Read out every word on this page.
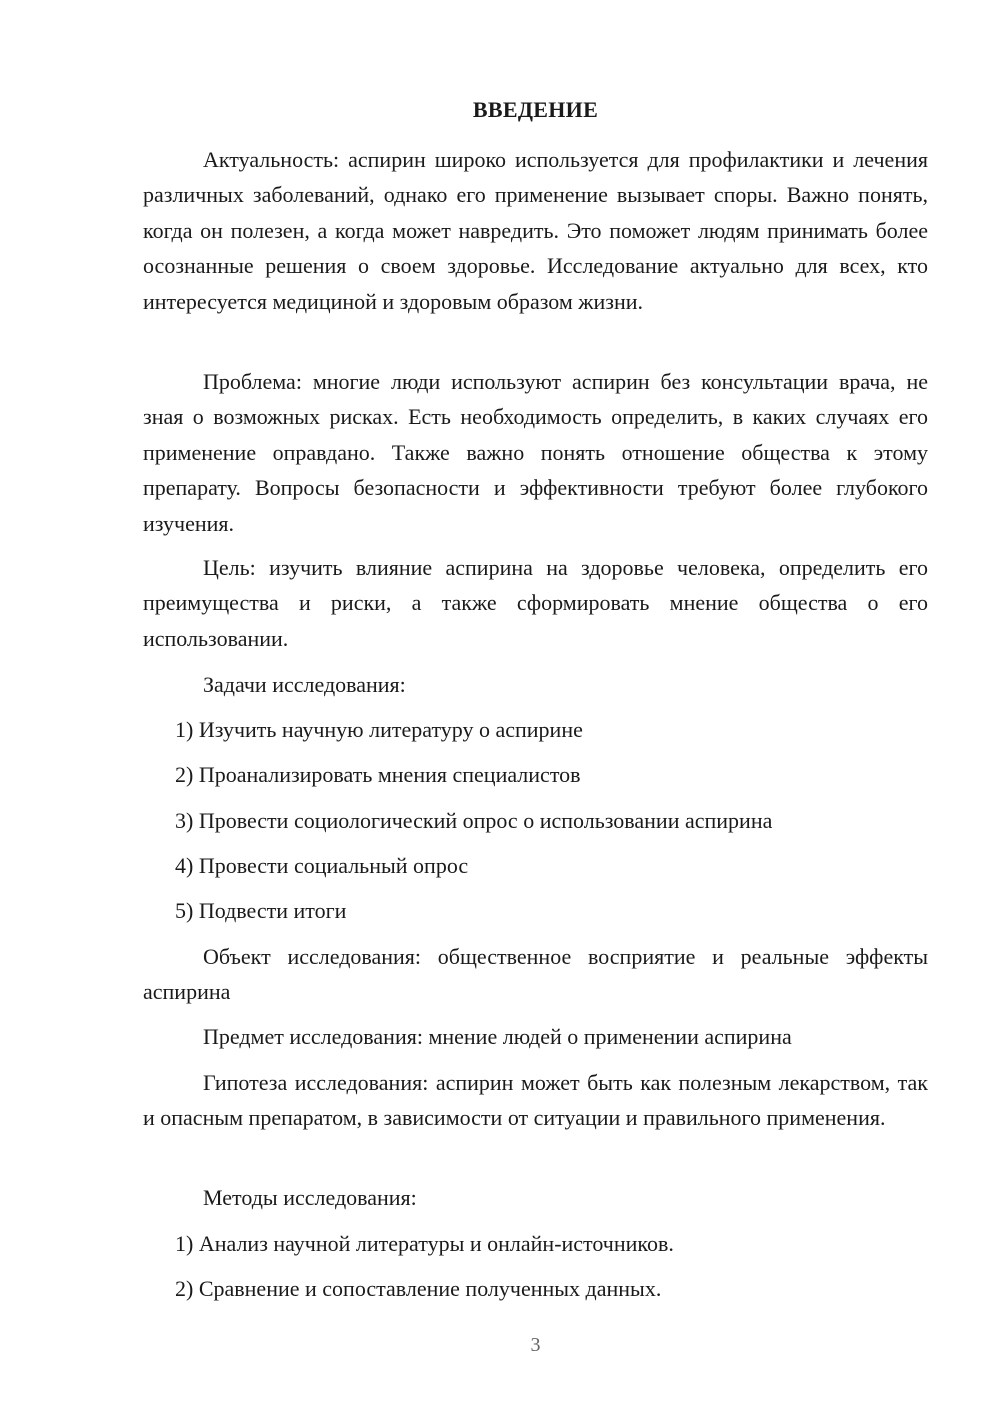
ВВЕДЕНИЕ

Актуальность: аспирин широко используется для профилактики и лечения различных заболеваний, однако его применение вызывает споры. Важно понять, когда он полезен, а когда может навредить. Это поможет людям принимать более осознанные решения о своем здоровье. Исследование актуально для всех, кто интересуется медициной и здоровым образом жизни.

Проблема: многие люди используют аспирин без консультации врача, не зная о возможных рисках. Есть необходимость определить, в каких случаях его применение оправдано. Также важно понять отношение общества к этому препарату. Вопросы безопасности и эффективности требуют более глубокого изучения.

Цель: изучить влияние аспирина на здоровье человека, определить его преимущества и риски, а также сформировать мнение общества о его использовании.

Задачи исследования:
1) Изучить научную литературу о аспирине
2) Проанализировать мнения специалистов
3) Провести социологический опрос о использовании аспирина
4) Провести социальный опрос
5) Подвести итоги

Объект исследования: общественное восприятие и реальные эффекты аспирина

Предмет исследования: мнение людей о применении аспирина

Гипотеза исследования: аспирин может быть как полезным лекарством, так и опасным препаратом, в зависимости от ситуации и правильного применения.

Методы исследования:
1) Анализ научной литературы и онлайн-источников.
2) Сравнение и сопоставление полученных данных.
3
